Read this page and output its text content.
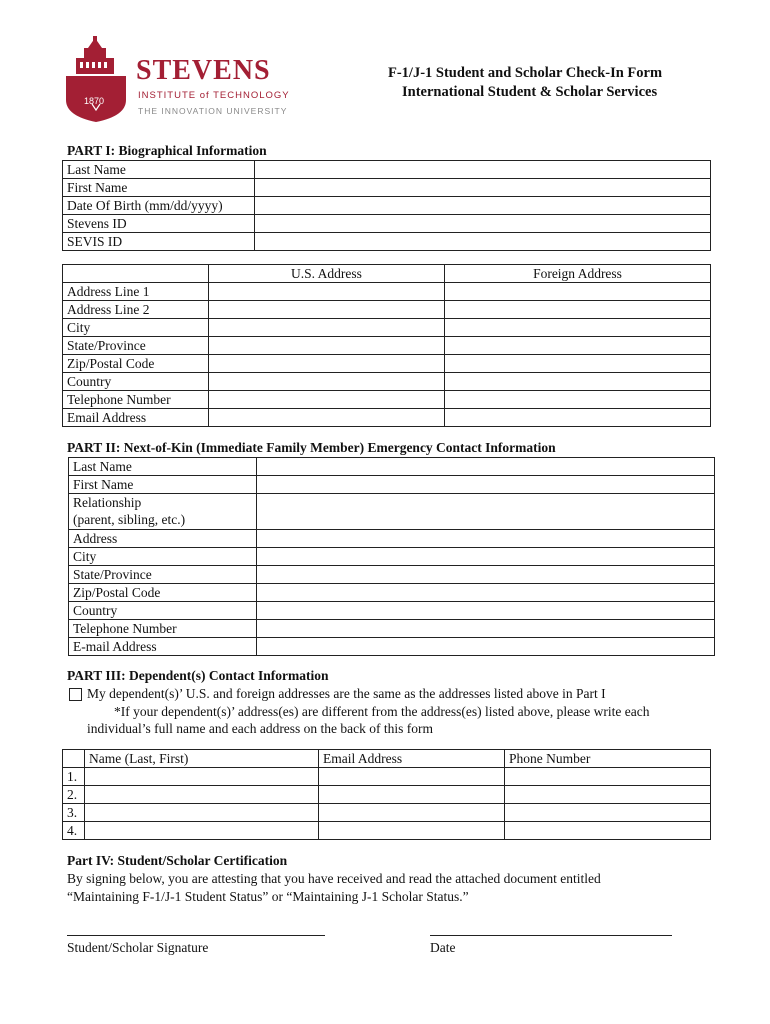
1870
STEVENS
INSTITUTE of TECHNOLOGY
THE INNOVATION UNIVERSITY
F-1/J-1 Student and Scholar Check-In Form
International Student & Scholar Services
PART I: Biographical Information
Last Name	
First Name	
Date Of Birth (mm/dd/yyyy)	
Stevens ID	
SEVIS ID	
	U.S. Address	Foreign Address
Address Line 1		
Address Line 2		
City		
State/Province		
Zip/Postal Code		
Country		
Telephone Number		
Email Address		
PART II: Next-of-Kin (Immediate Family Member) Emergency Contact Information
Last Name	
First Name	

Relationship
(parent, sibling, etc.)	

Address	
City	
State/Province	
Zip/Postal Code	
Country	
Telephone Number	
E-mail Address	
PART III: Dependent(s) Contact Information
My dependent(s)’ U.S. and foreign addresses are the same as the addresses listed above in Part I
*If your dependent(s)’ address(es) are different from the address(es) listed above, please write each
individual’s full name and each address on the back of this form
	Name (Last, First)	Email Address	Phone Number
1.			
2.			
3.			
4.			
Part IV: Student/Scholar Certification
By signing below, you are attesting that you have received and read the attached document entitled
“Maintaining F-1/J-1 Student Status” or “Maintaining J-1 Scholar Status.”
Student/Scholar Signature	Date
